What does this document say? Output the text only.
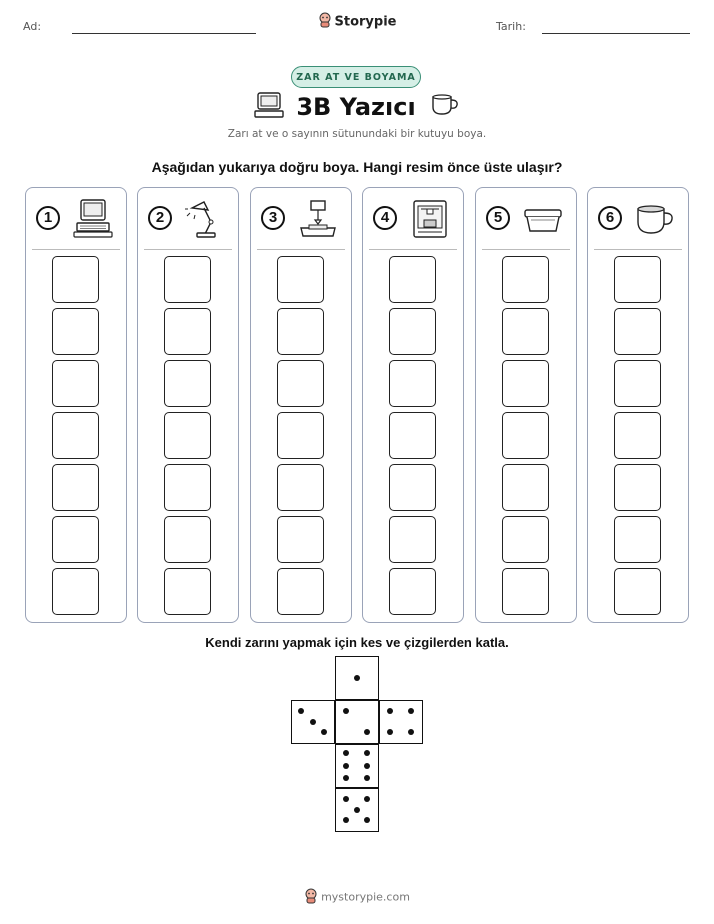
Ad:	Storypie	Tarih:
ZAR AT VE BOYAMA
3B Yazıcı
Zarı at ve o sayının sütunundaki bir kutuyu boya.
Aşağıdan yukarıya doğru boya. Hangi resim önce üste ulaşır?
1	2	3	4	5	6
Kendi zarını yapmak için kes ve çizgilerden katla.
mystorypie.com
